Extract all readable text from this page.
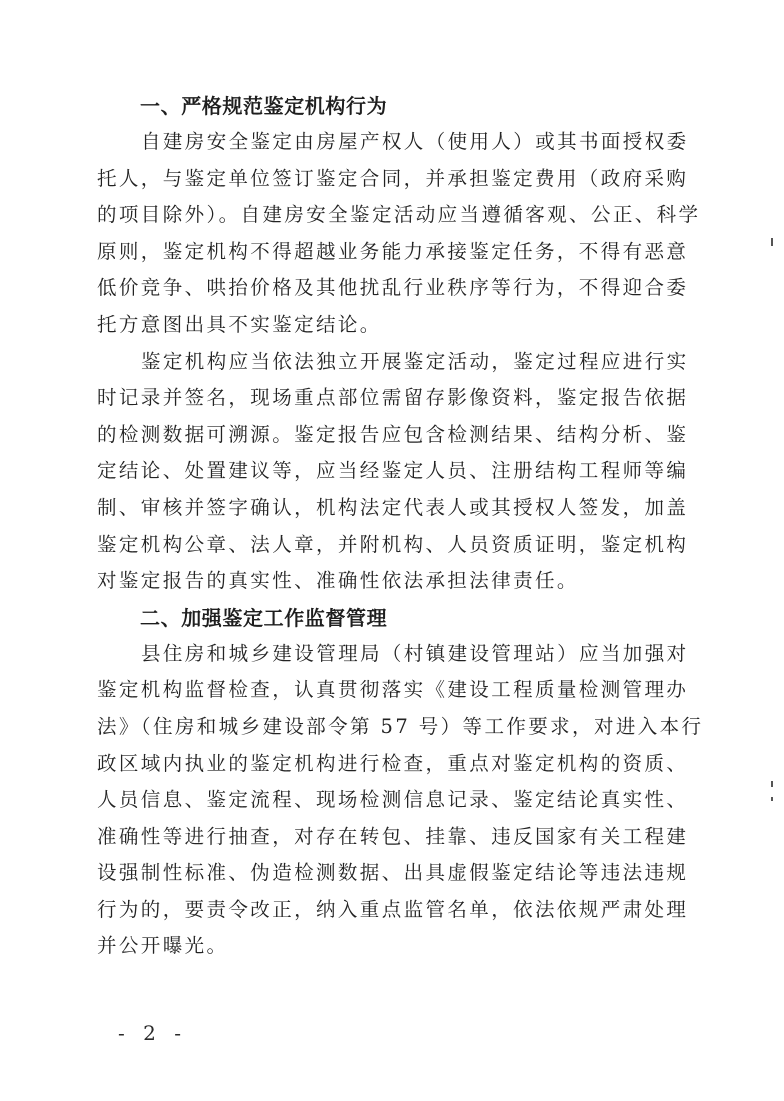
一、严格规范鉴定机构行为
自建房安全鉴定由房屋产权人（使用人）或其书面授权委
托人，与鉴定单位签订鉴定合同，并承担鉴定费用（政府采购
的项目除外）。自建房安全鉴定活动应当遵循客观、公正、科学
原则，鉴定机构不得超越业务能力承接鉴定任务，不得有恶意
低价竞争、哄抬价格及其他扰乱行业秩序等行为，不得迎合委
托方意图出具不实鉴定结论。
鉴定机构应当依法独立开展鉴定活动，鉴定过程应进行实
时记录并签名，现场重点部位需留存影像资料，鉴定报告依据
的检测数据可溯源。鉴定报告应包含检测结果、结构分析、鉴
定结论、处置建议等，应当经鉴定人员、注册结构工程师等编
制、审核并签字确认，机构法定代表人或其授权人签发，加盖
鉴定机构公章、法人章，并附机构、人员资质证明，鉴定机构
对鉴定报告的真实性、准确性依法承担法律责任。
二、加强鉴定工作监督管理
县住房和城乡建设管理局（村镇建设管理站）应当加强对
鉴定机构监督检查，认真贯彻落实《建设工程质量检测管理办
法》（住房和城乡建设部令第 57 号）等工作要求，对进入本行
政区域内执业的鉴定机构进行检查，重点对鉴定机构的资质、
人员信息、鉴定流程、现场检测信息记录、鉴定结论真实性、
准确性等进行抽查，对存在转包、挂靠、违反国家有关工程建
设强制性标准、伪造检测数据、出具虚假鉴定结论等违法违规
行为的，要责令改正，纳入重点监管名单，依法依规严肃处理
并公开曝光。
- 2 -
